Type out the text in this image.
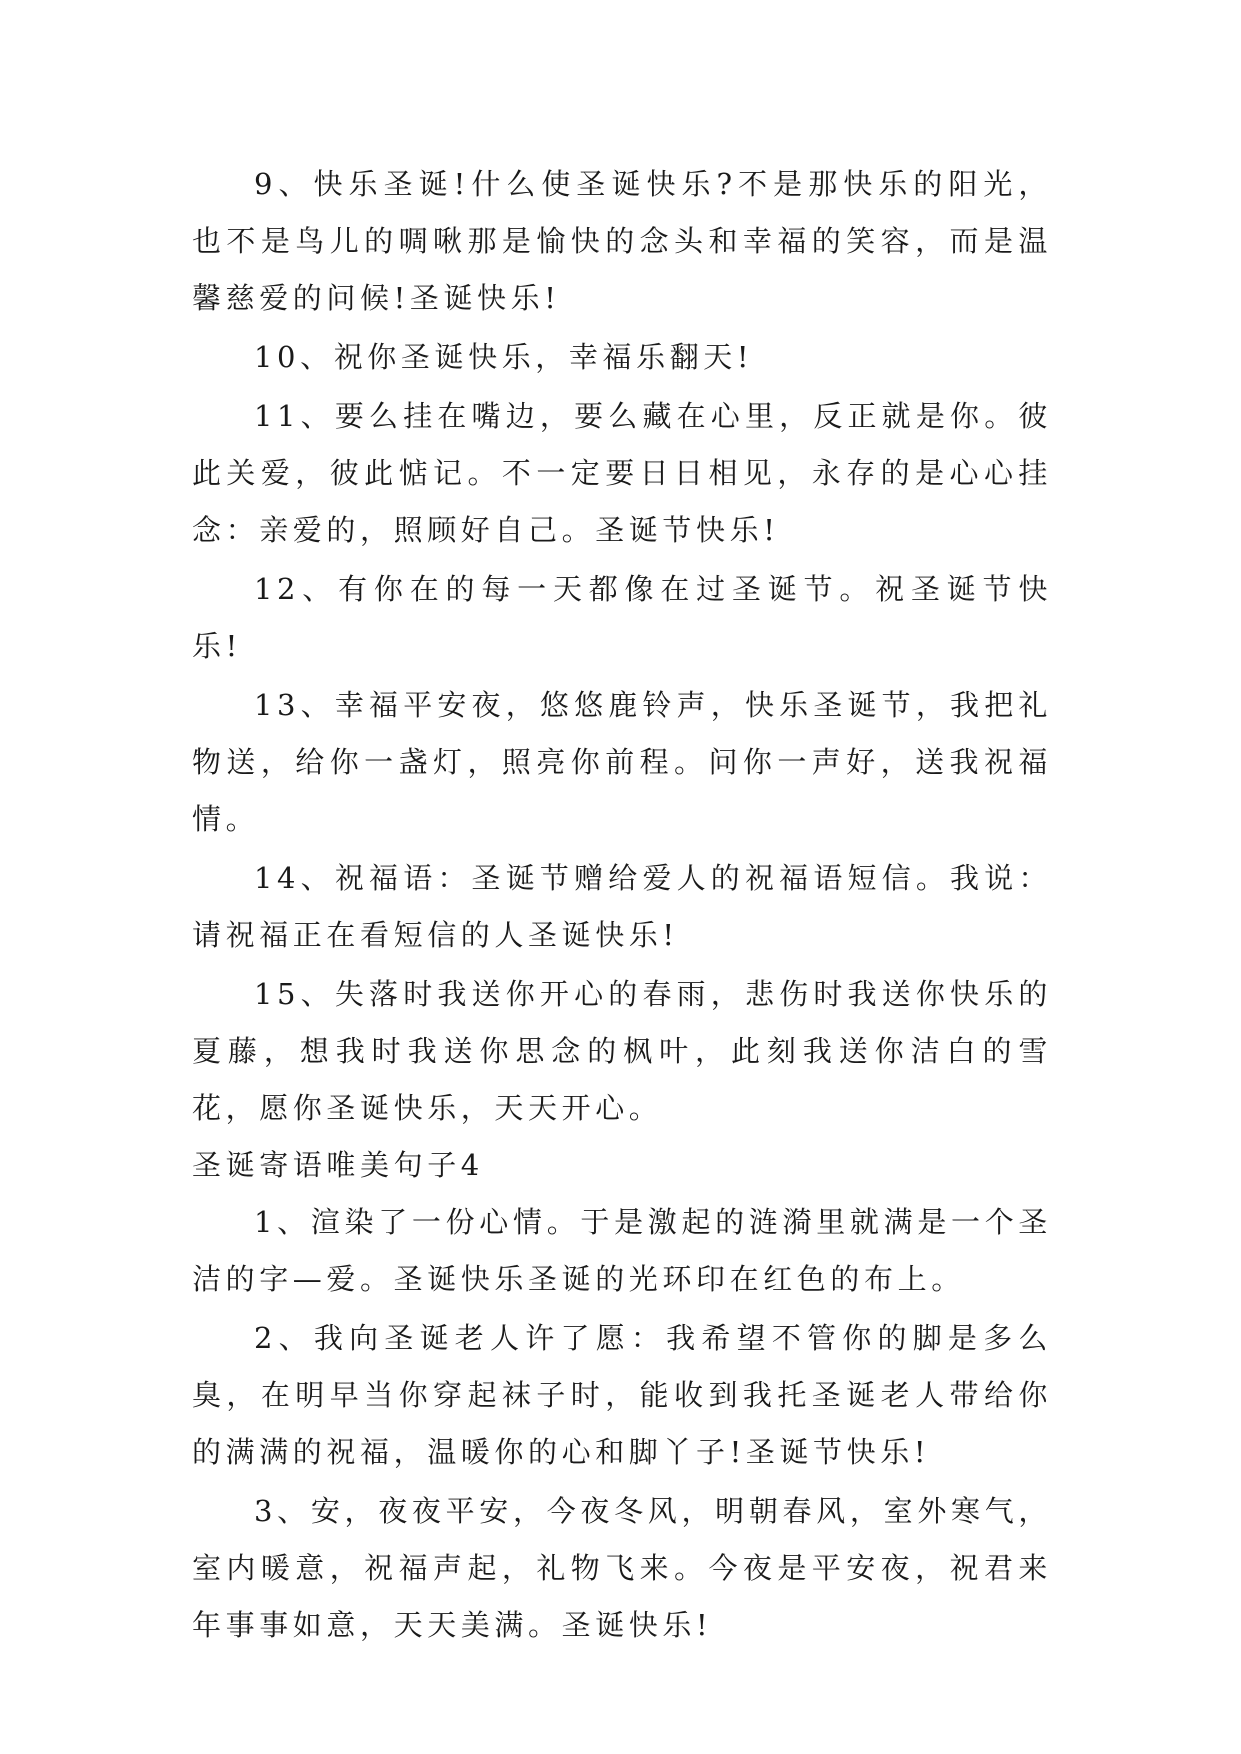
9、快乐圣诞!什么使圣诞快乐?不是那快乐的阳光，也不是鸟儿的啁啾那是愉快的念头和幸福的笑容，而是温馨慈爱的问候!圣诞快乐!

10、祝你圣诞快乐，幸福乐翻天!

11、要么挂在嘴边，要么藏在心里，反正就是你。彼此关爱，彼此惦记。不一定要日日相见，永存的是心心挂念：亲爱的，照顾好自己。圣诞节快乐!

12、有你在的每一天都像在过圣诞节。祝圣诞节快乐!

13、幸福平安夜，悠悠鹿铃声，快乐圣诞节，我把礼物送，给你一盏灯，照亮你前程。问你一声好，送我祝福情。

14、祝福语：圣诞节赠给爱人的祝福语短信。我说：请祝福正在看短信的人圣诞快乐!

15、失落时我送你开心的春雨，悲伤时我送你快乐的夏藤，想我时我送你思念的枫叶，此刻我送你洁白的雪花，愿你圣诞快乐，天天开心。

圣诞寄语唯美句子4

1、渲染了一份心情。于是激起的涟漪里就满是一个圣洁的字—爱。圣诞快乐圣诞的光环印在红色的布上。

2、我向圣诞老人许了愿：我希望不管你的脚是多么臭，在明早当你穿起袜子时，能收到我托圣诞老人带给你的满满的祝福，温暖你的心和脚丫子!圣诞节快乐!

3、安，夜夜平安，今夜冬风，明朝春风，室外寒气，室内暖意，祝福声起，礼物飞来。今夜是平安夜，祝君来年事事如意，天天美满。圣诞快乐!
